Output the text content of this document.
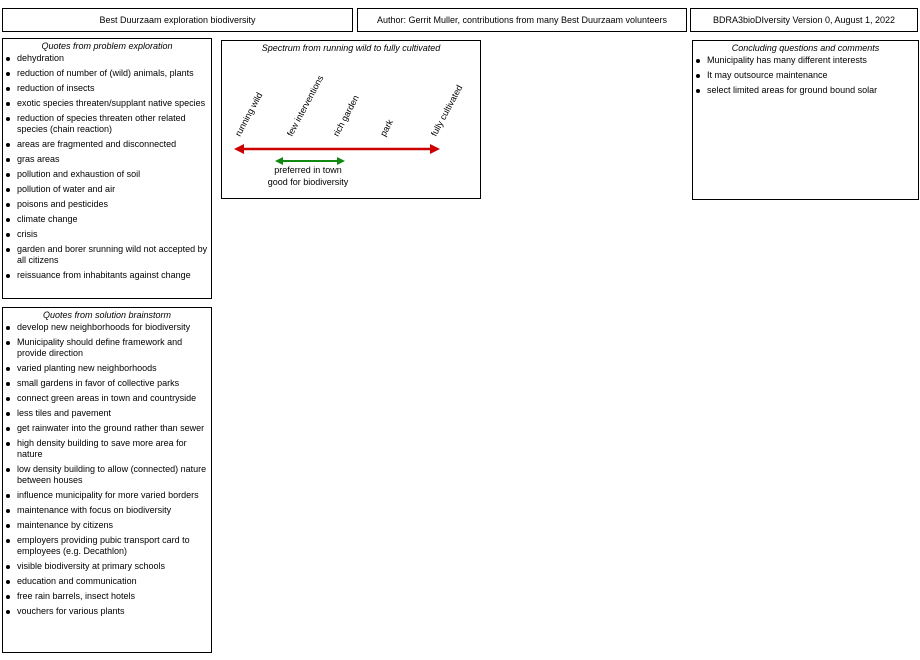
Best Duurzaam exploration biodiversity	Author: Gerrit Muller, contributions from many Best Duurzaam volunteers	BDRA3bioDIversity Version 0, August 1, 2022
Quotes from problem exploration
dehydration
reduction of number of (wild) animals, plants
reduction of insects
exotic species threaten/supplant native species
reduction of species threaten other related species (chain reaction)
areas are fragmented and disconnected
gras areas
pollution and exhaustion of soil
pollution of water and air
poisons and pesticides
climate change
crisis
garden and borer srunning wild not accepted by all citizens
reissuance from inhabitants against change
Quotes from solution brainstorm
develop new neighborhoods for biodiversity
Municipality should define framework and provide direction
varied planting new neighborhoods
small gardens in favor of collective parks
connect green areas in town and countryside
less tiles and pavement
get rainwater into the ground rather than sewer
high density building to save more area for nature
low density building to allow (connected) nature between houses
influence municipality for more varied borders
maintenance with focus on biodiversity
maintenance by citizens
employers providing pubic transport card to employees (e.g. Decathlon)
visible biodiversity at primary schools
education and communication
free rain barrels, insect hotels
vouchers for various plants
Spectrum from running wild to fully cultivated
running wild few interventions rich garden park	fully cultivated
preferred in town
good for biodiversity
Concluding questions and comments
Municipality has many different interests
It may outsource maintenance
select limited areas for ground bound solar
